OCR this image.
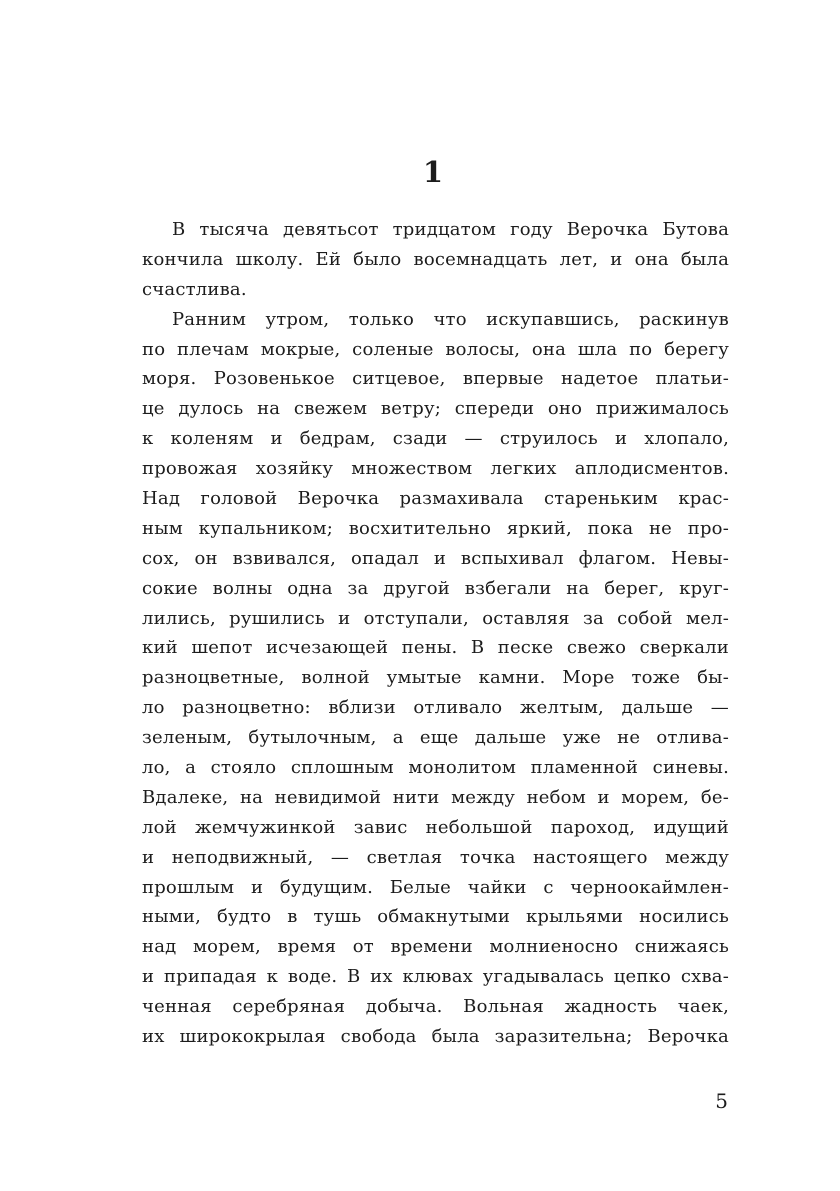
1
В тысяча девятьсот тридцатом году Верочка Бутова
кончила школу. Ей было восемнадцать лет, и она была
счастлива.
Ранним утром, только что искупавшись, раскинув
по плечам мокрые, соленые волосы, она шла по берегу
моря. Розовенькое ситцевое, впервые надетое платьи-
це дулось на свежем ветру; спереди оно прижималось
к коленям и бедрам, сзади — струилось и хлопало,
провожая хозяйку множеством легких аплодисментов.
Над головой Верочка размахивала стареньким крас-
ным купальником; восхитительно яркий, пока не про-
сох, он взвивался, опадал и вспыхивал флагом. Невы-
сокие волны одна за другой взбегали на берег, круг-
лились, рушились и отступали, оставляя за собой мел-
кий шепот исчезающей пены. В песке свежо сверкали
разноцветные, волной умытые камни. Море тоже бы-
ло разноцветно: вблизи отливало желтым, дальше —
зеленым, бутылочным, а еще дальше уже не отлива-
ло, а стояло сплошным монолитом пламенной синевы.
Вдалеке, на невидимой нити между небом и морем, бе-
лой жемчужинкой завис небольшой пароход, идущий
и неподвижный, — светлая точка настоящего между
прошлым и будущим. Белые чайки с черноокаймлен-
ными, будто в тушь обмакнутыми крыльями носились
над морем, время от времени молниеносно снижаясь
и припадая к воде. В их клювах угадывалась цепко схва-
ченная серебряная добыча. Вольная жадность чаек,
их ширококрылая свобода была заразительна; Верочка
5
